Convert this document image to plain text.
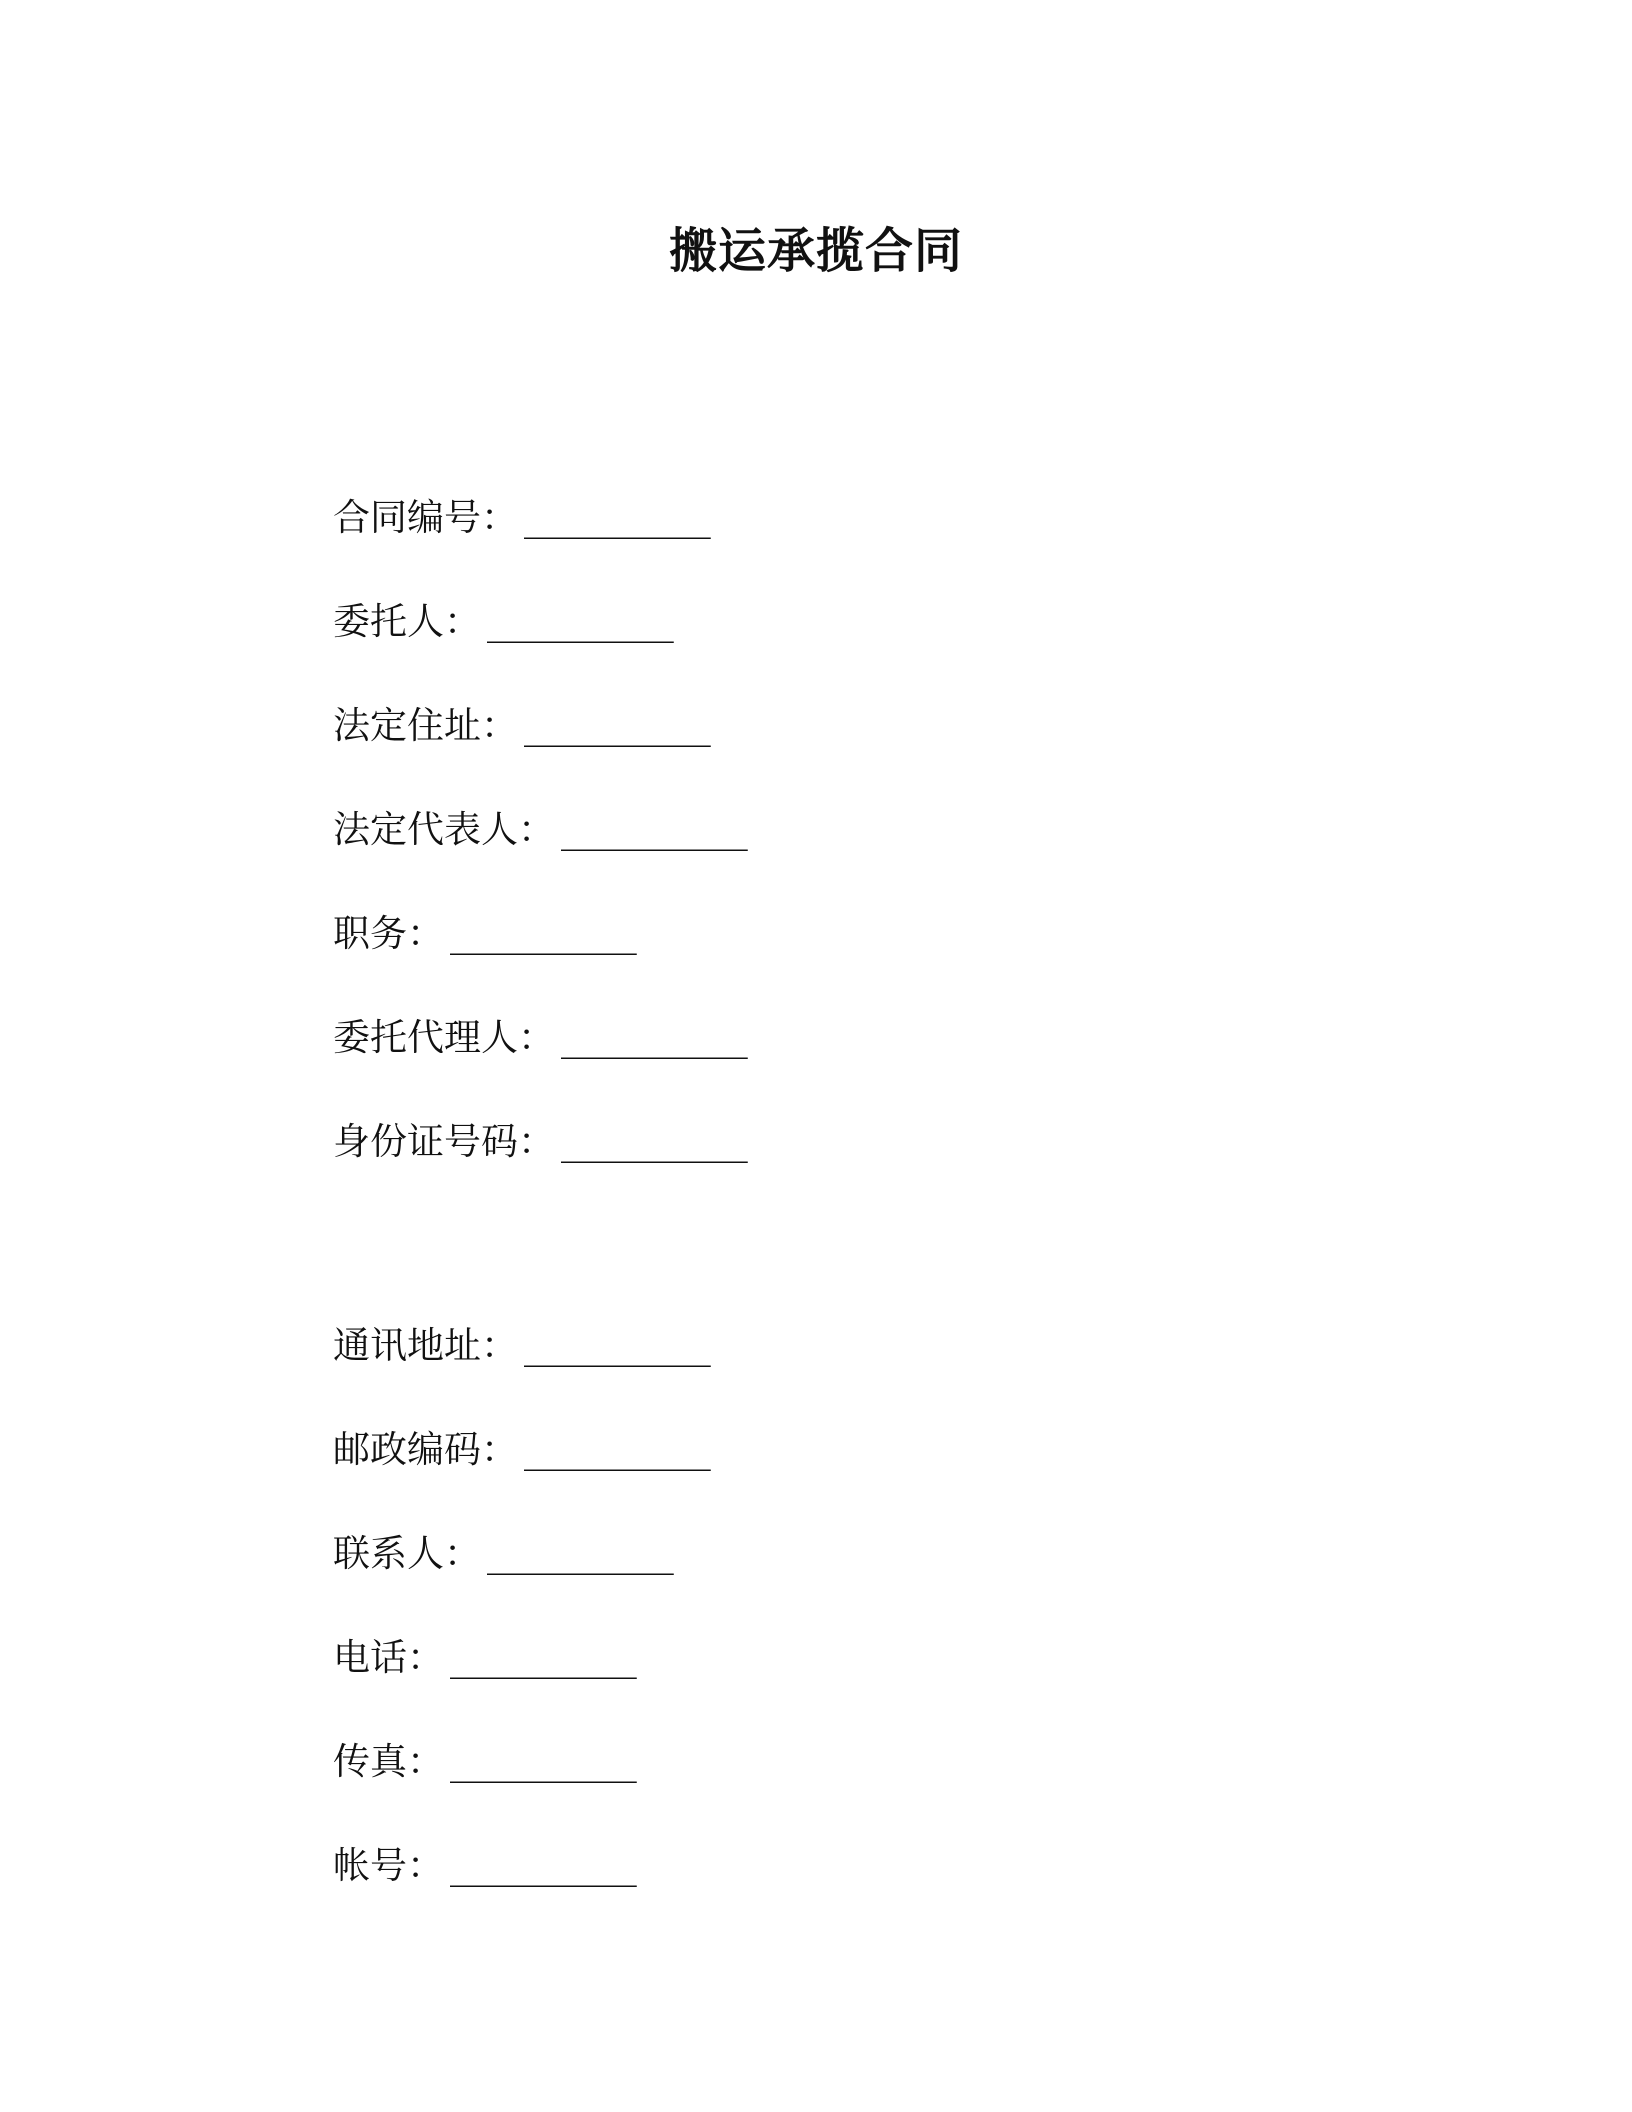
搬运承揽合同
合同编号： __________
委托人： __________
法定住址： __________
法定代表人： __________
职务： __________
委托代理人： __________
身份证号码： __________
通讯地址： __________
邮政编码： __________
联系人： __________
电话： __________
传真： __________
帐号： __________
